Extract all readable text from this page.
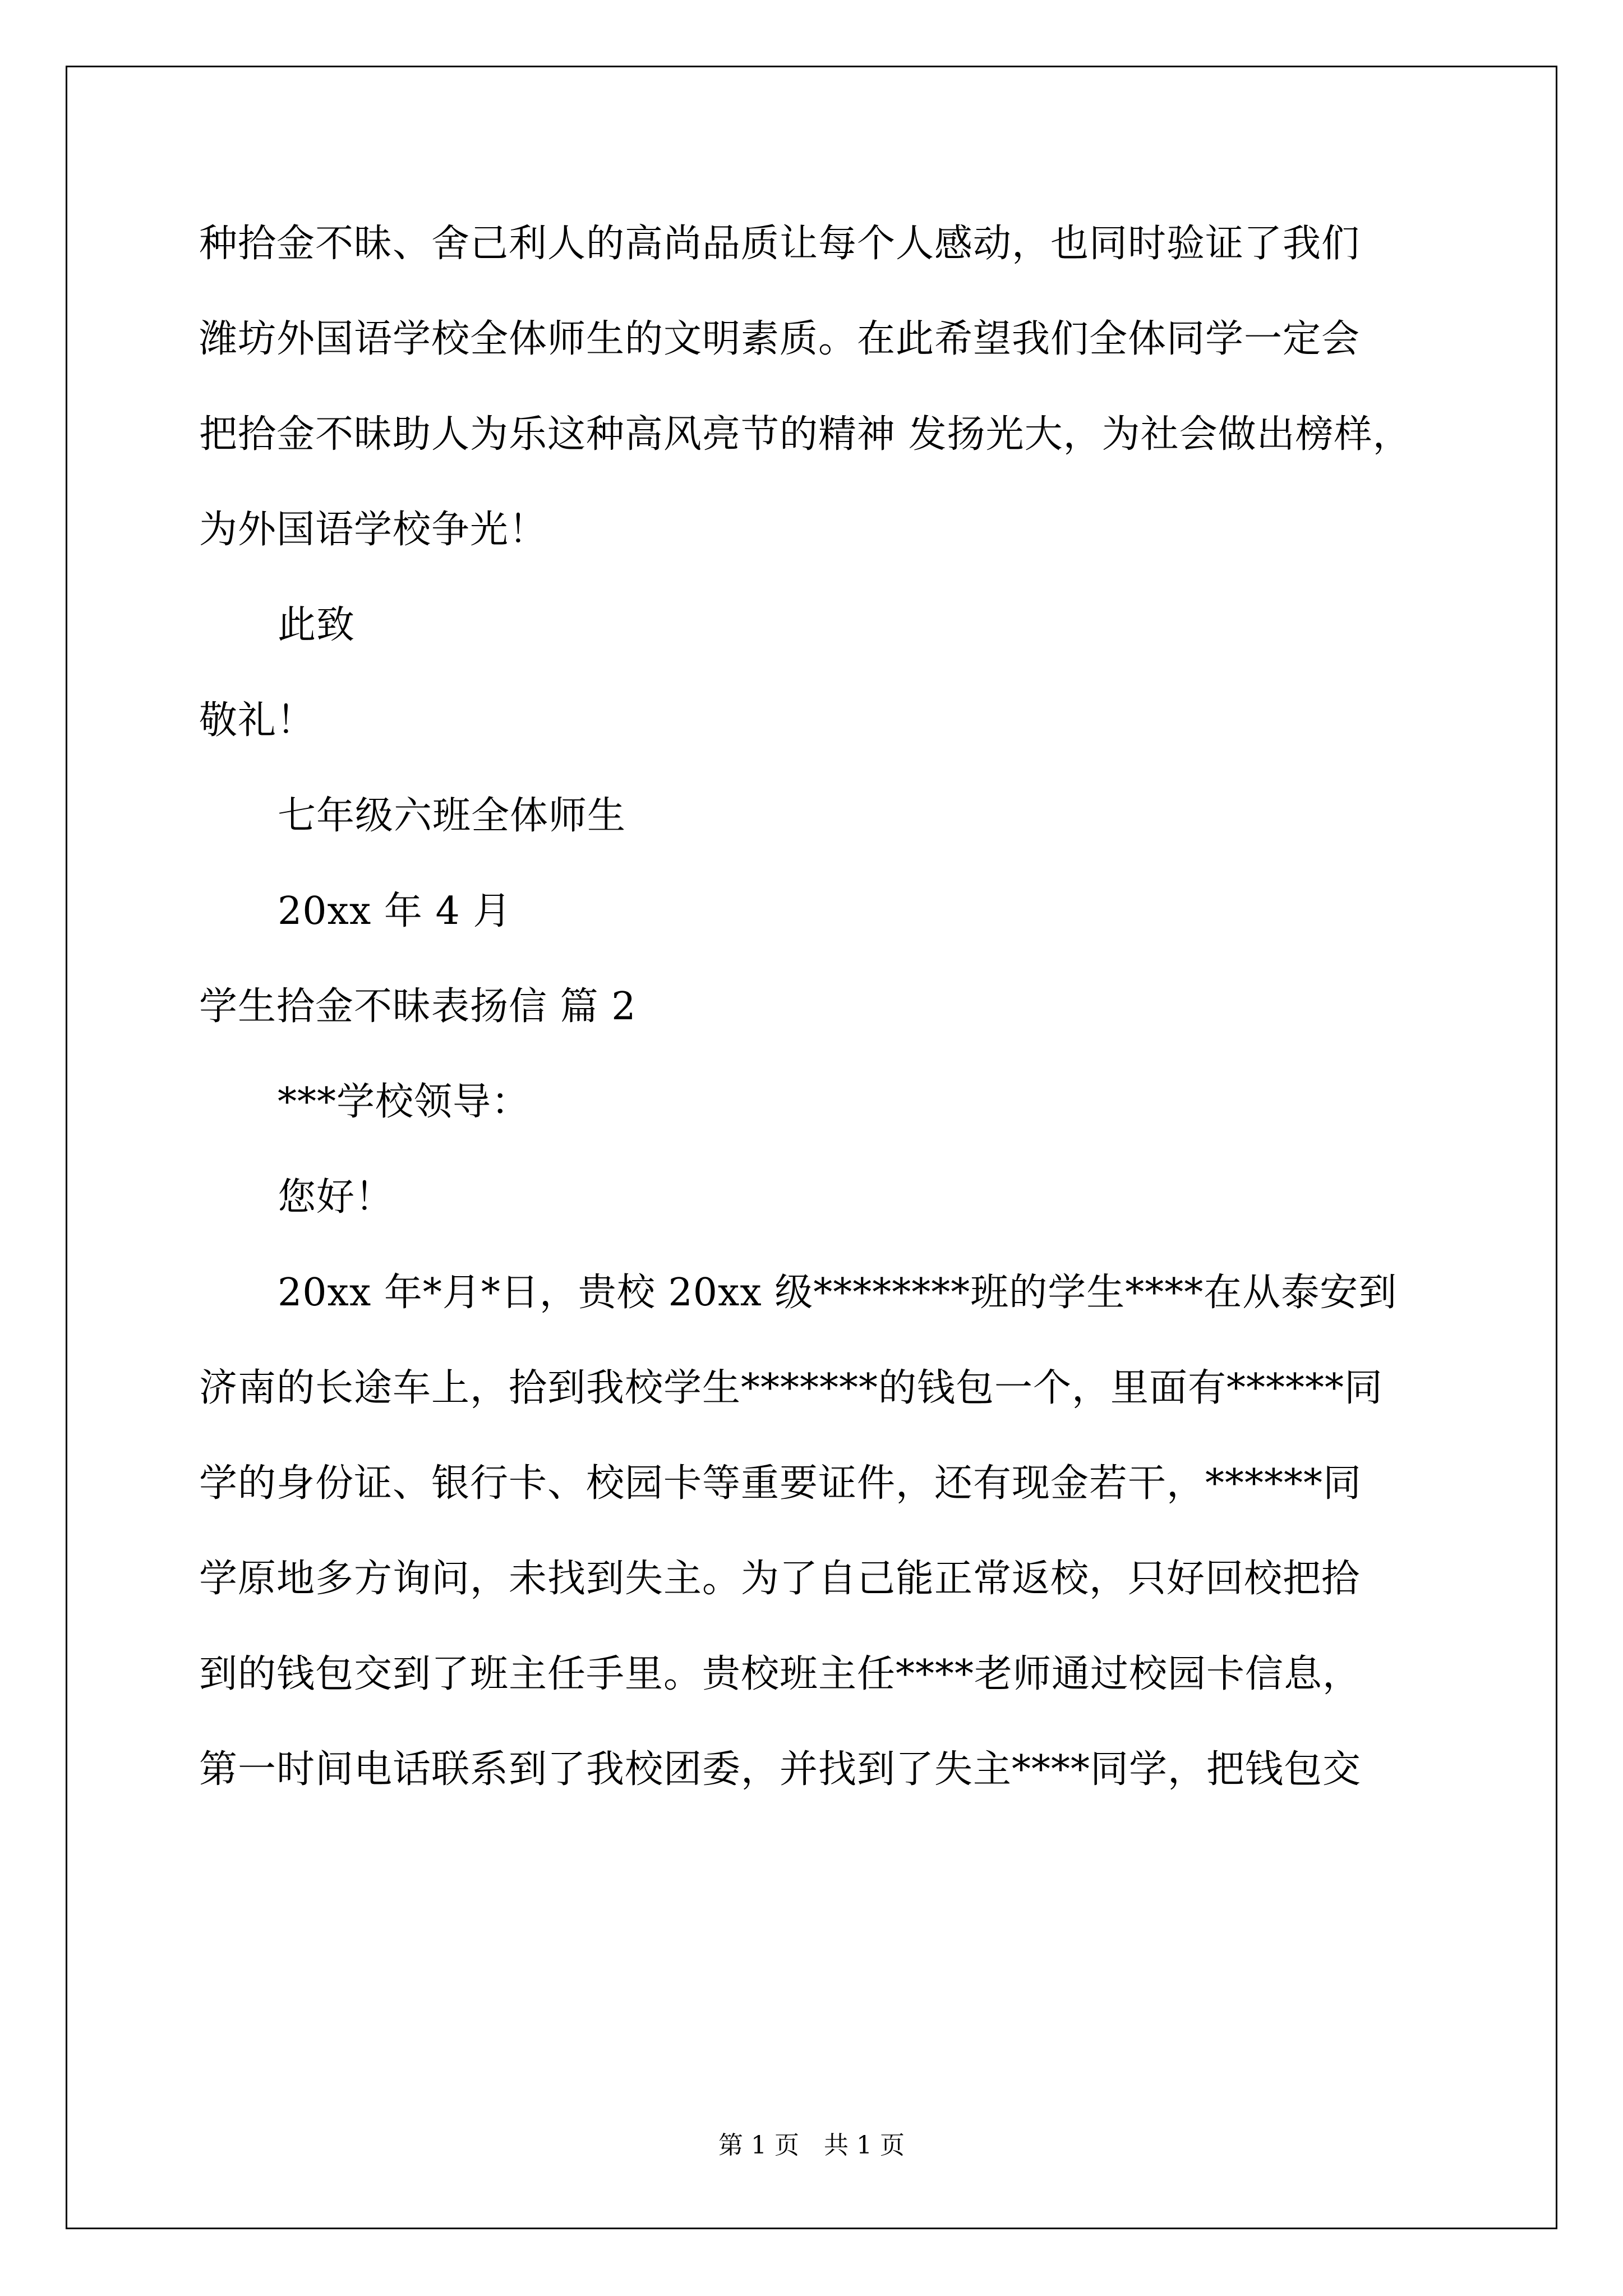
种拾金不昧、舍己利人的高尚品质让每个人感动，也同时验证了我们
潍坊外国语学校全体师生的文明素质。在此希望我们全体同学一定会
把拾金不昧助人为乐这种高风亮节的精神 发扬光大，为社会做出榜样，
为外国语学校争光！
此致
敬礼！
七年级六班全体师生
20xx 年 4 月
学生拾金不昧表扬信 篇 2
***学校领导：
您好！
20xx 年*月*日，贵校 20xx 级********班的学生****在从泰安到
济南的长途车上，拾到我校学生*******的钱包一个，里面有******同
学的身份证、银行卡、校园卡等重要证件，还有现金若干，******同
学原地多方询问，未找到失主。为了自己能正常返校，只好回校把拾
到的钱包交到了班主任手里。贵校班主任****老师通过校园卡信息，
第一时间电话联系到了我校团委，并找到了失主****同学，把钱包交
第 1 页　共 1 页
